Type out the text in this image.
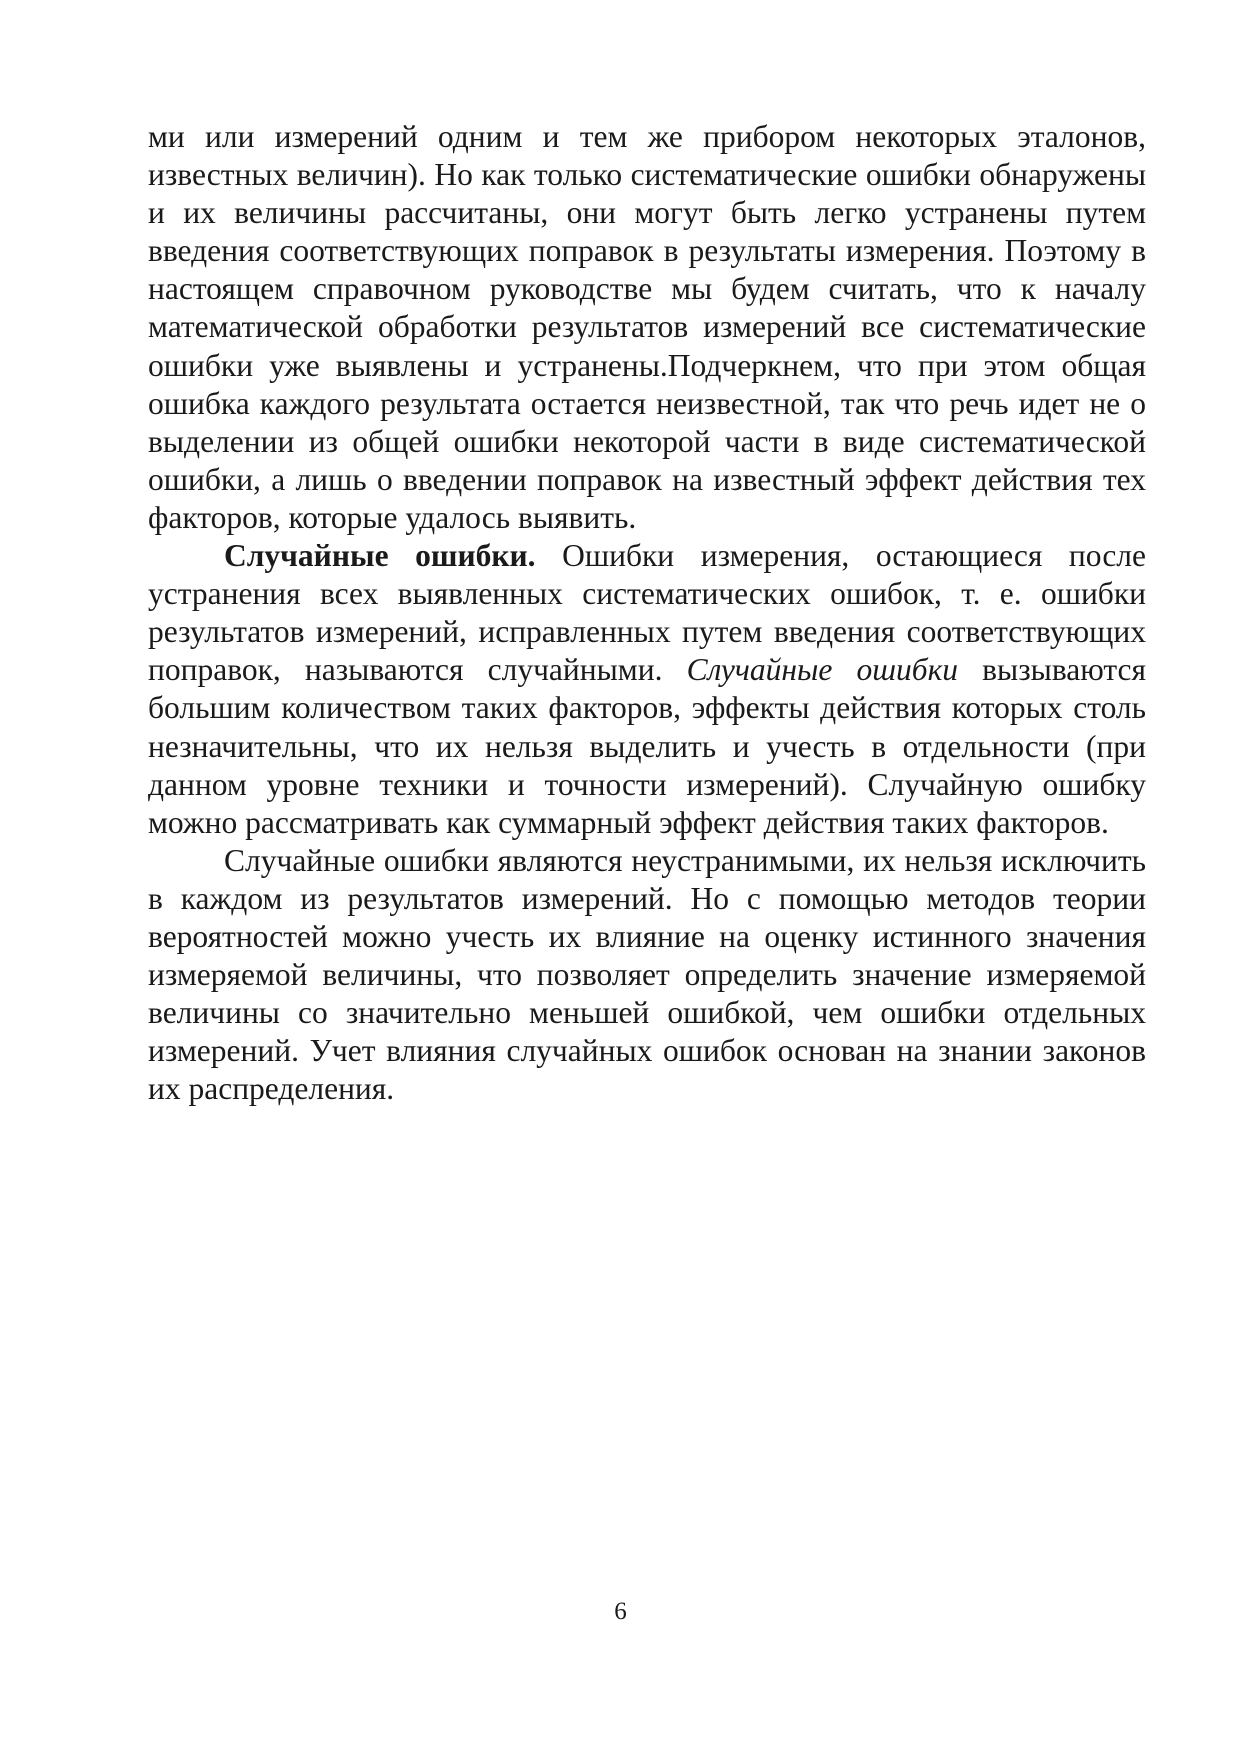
ми или измерений одним и тем же прибором некоторых эталонов, известных величин). Но как только систематические ошибки обнаружены и их величины рассчитаны, они могут быть легко устранены путем введения соответствующих поправок в результаты измерения. Поэтому в настоящем справочном руководстве мы будем считать, что к началу математической обработки результатов измерений все систематические ошибки уже выявлены и устранены.Подчеркнем, что при этом общая ошибка каждого результата остается неизвестной, так что речь идет не о выделении из общей ошибки некоторой части в виде систематической ошибки, а лишь о введении поправок на известный эффект действия тех факторов, которые удалось выявить.

Случайные ошибки. Ошибки измерения, остающиеся после устранения всех выявленных систематических ошибок, т. е. ошибки результатов измерений, исправленных путем введения соответствующих поправок, называются случайными. Случайные ошибки вызываются большим количеством таких факторов, эффекты действия которых столь незначительны, что их нельзя выделить и учесть в отдельности (при данном уровне техники и точности измерений). Случайную ошибку можно рассматривать как суммарный эффект действия таких факторов.

Случайные ошибки являются неустранимыми, их нельзя исключить в каждом из результатов измерений. Но с помощью методов теории вероятностей можно учесть их влияние на оценку истинного значения измеряемой величины, что позволяет определить значение измеряемой величины со значительно меньшей ошибкой, чем ошибки отдельных измерений. Учет влияния случайных ошибок основан на знании законов их распределения.

6
